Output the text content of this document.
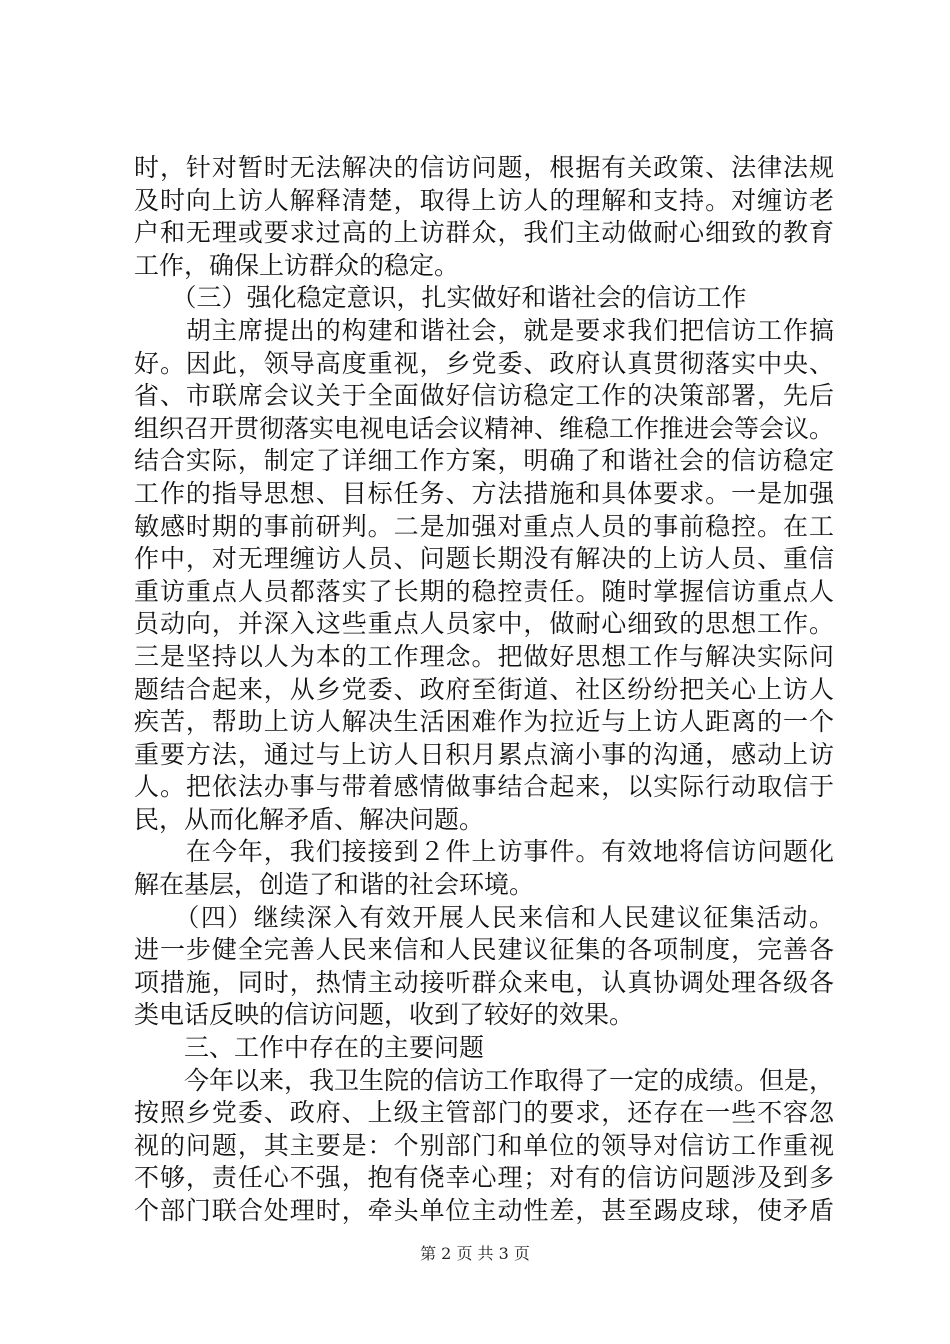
时，针对暂时无法解决的信访问题，根据有关政策、法律法规
及时向上访人解释清楚，取得上访人的理解和支持。对缠访老
户和无理或要求过高的上访群众，我们主动做耐心细致的教育
工作，确保上访群众的稳定。
　　（三）强化稳定意识，扎实做好和谐社会的信访工作
　　胡主席提出的构建和谐社会，就是要求我们把信访工作搞
好。因此，领导高度重视，乡党委、政府认真贯彻落实中央、
省、市联席会议关于全面做好信访稳定工作的决策部署，先后
组织召开贯彻落实电视电话会议精神、维稳工作推进会等会议。
结合实际，制定了详细工作方案，明确了和谐社会的信访稳定
工作的指导思想、目标任务、方法措施和具体要求。一是加强
敏感时期的事前研判。二是加强对重点人员的事前稳控。在工
作中，对无理缠访人员、问题长期没有解决的上访人员、重信
重访重点人员都落实了长期的稳控责任。随时掌握信访重点人
员动向，并深入这些重点人员家中，做耐心细致的思想工作。
三是坚持以人为本的工作理念。把做好思想工作与解决实际问
题结合起来，从乡党委、政府至街道、社区纷纷把关心上访人
疾苦，帮助上访人解决生活困难作为拉近与上访人距离的一个
重要方法，通过与上访人日积月累点滴小事的沟通，感动上访
人。把依法办事与带着感情做事结合起来，以实际行动取信于
民，从而化解矛盾、解决问题。
　　在今年，我们接接到２件上访事件。有效地将信访问题化
解在基层，创造了和谐的社会环境。
　　（四）继续深入有效开展人民来信和人民建议征集活动。
进一步健全完善人民来信和人民建议征集的各项制度，完善各
项措施，同时，热情主动接听群众来电，认真协调处理各级各
类电话反映的信访问题，收到了较好的效果。
　　三、工作中存在的主要问题
　　今年以来，我卫生院的信访工作取得了一定的成绩。但是，
按照乡党委、政府、上级主管部门的要求，还存在一些不容忽
视的问题，其主要是：个别部门和单位的领导对信访工作重视
不够，责任心不强，抱有侥幸心理；对有的信访问题涉及到多
个部门联合处理时，牵头单位主动性差，甚至踢皮球，使矛盾
第 2 页 共 3 页
